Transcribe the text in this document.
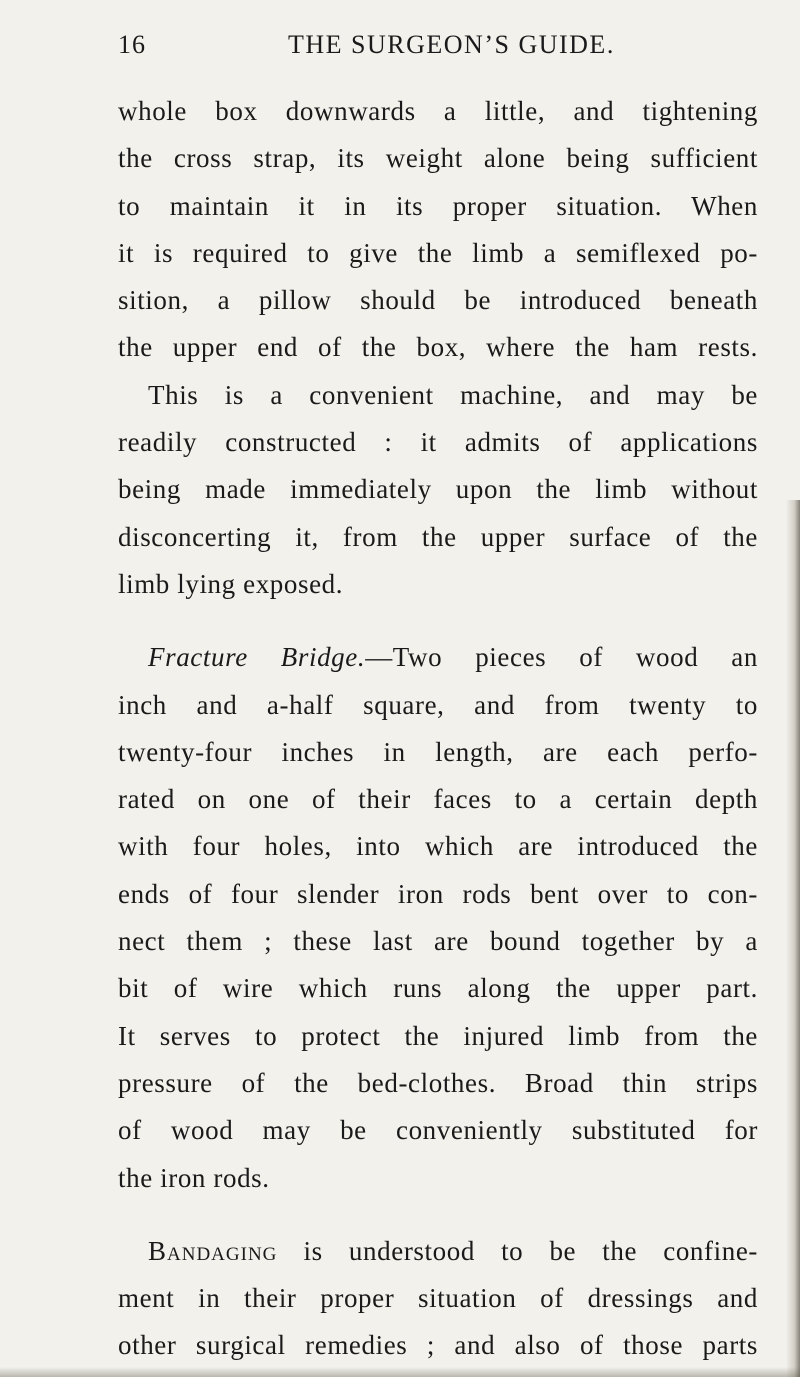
16	THE SURGEON’S GUIDE.
whole box downwards a little, and tightening
the cross strap, its weight alone being sufficient
to maintain it in its proper situation. When
it is required to give the limb a semiflexed po-
sition, a pillow should be introduced beneath
the upper end of the box, where the ham rests.
This is a convenient machine, and may be
readily constructed : it admits of applications
being made immediately upon the limb without
disconcerting it, from the upper surface of the
limb lying exposed.
Fracture Bridge.—Two pieces of wood an
inch and a-half square, and from twenty to
twenty-four inches in length, are each perfo-
rated on one of their faces to a certain depth
with four holes, into which are introduced the
ends of four slender iron rods bent over to con-
nect them ; these last are bound together by a
bit of wire which runs along the upper part.
It serves to protect the injured limb from the
pressure of the bed-clothes. Broad thin strips
of wood may be conveniently substituted for
the iron rods.
Bandaging is understood to be the confine-
ment in their proper situation of dressings and
other surgical remedies ; and also of those parts
